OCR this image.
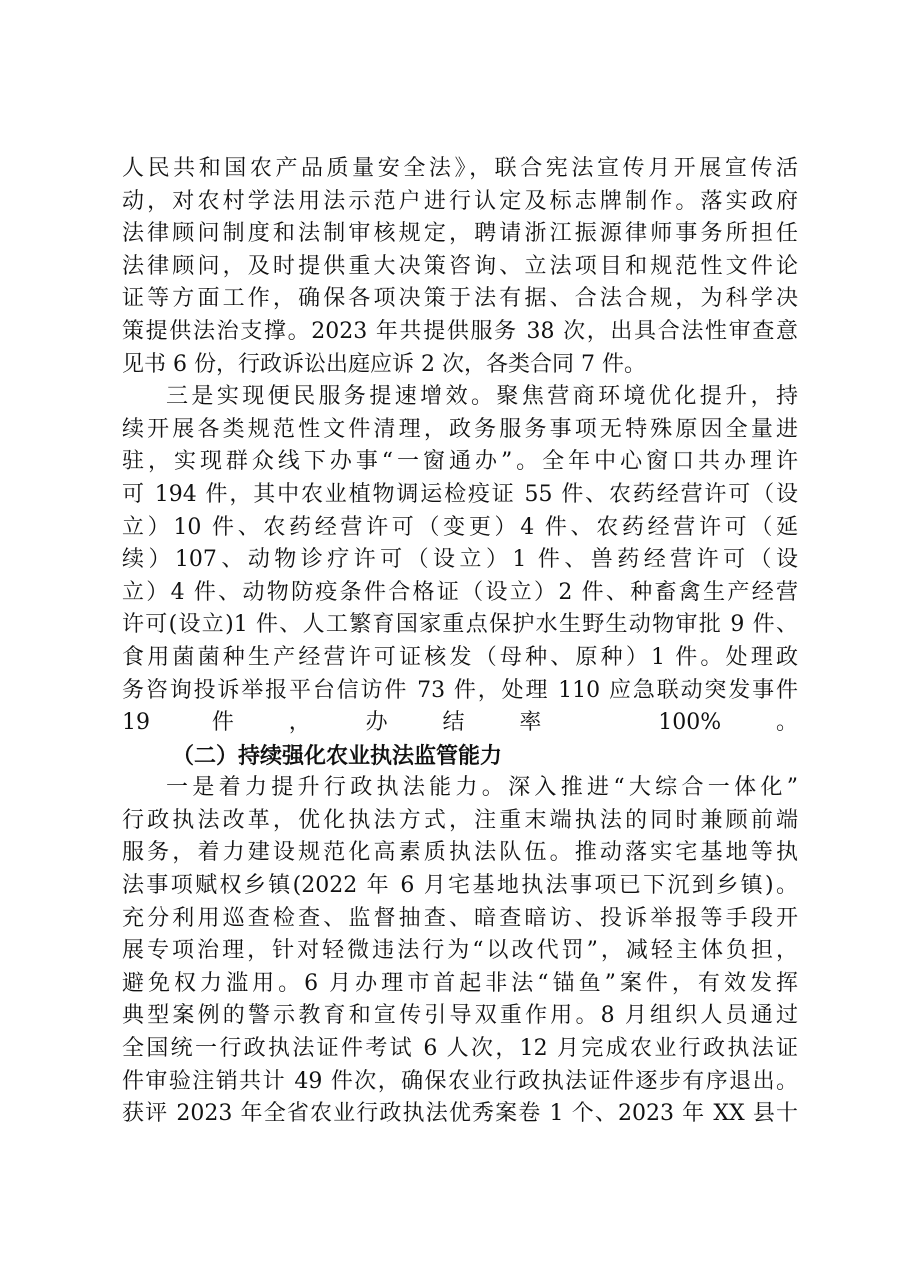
人民共和国农产品质量安全法》，联合宪法宣传月开展宣传活
动，对农村学法用法示范户进行认定及标志牌制作。落实政府
法律顾问制度和法制审核规定，聘请浙江振源律师事务所担任
法律顾问，及时提供重大决策咨询、立法项目和规范性文件论
证等方面工作，确保各项决策于法有据、合法合规，为科学决
策提供法治支撑。2023 年共提供服务 38 次，出具合法性审查意
见书 6 份，行政诉讼出庭应诉 2 次，各类合同 7 件。
三是实现便民服务提速增效。聚焦营商环境优化提升，持
续开展各类规范性文件清理，政务服务事项无特殊原因全量进
驻，实现群众线下办事“一窗通办”。全年中心窗口共办理许
可 194 件，其中农业植物调运检疫证 55 件、农药经营许可（设
立）10 件、农药经营许可（变更）4 件、农药经营许可（延
续）107、动物诊疗许可（设立）1 件、兽药经营许可（设
立）4 件、动物防疫条件合格证（设立）2 件、种畜禽生产经营
许可(设立)1 件、人工繁育国家重点保护水生野生动物审批 9 件、
食用菌菌种生产经营许可证核发（母种、原种）1 件。处理政
务咨询投诉举报平台信访件 73 件，处理 110 应急联动突发事件
19 件，办结率 100%。
（二）持续强化农业执法监管能力
一是着力提升行政执法能力。深入推进“大综合一体化”
行政执法改革，优化执法方式，注重末端执法的同时兼顾前端
服务，着力建设规范化高素质执法队伍。推动落实宅基地等执
法事项赋权乡镇(2022 年 6 月宅基地执法事项已下沉到乡镇)。
充分利用巡查检查、监督抽查、暗查暗访、投诉举报等手段开
展专项治理，针对轻微违法行为“以改代罚”，减轻主体负担，
避免权力滥用。6 月办理市首起非法“锚鱼”案件，有效发挥
典型案例的警示教育和宣传引导双重作用。8 月组织人员通过
全国统一行政执法证件考试 6 人次，12 月完成农业行政执法证
件审验注销共计 49 件次，确保农业行政执法证件逐步有序退出。
获评 2023 年全省农业行政执法优秀案卷 1 个、2023 年 XX 县十
